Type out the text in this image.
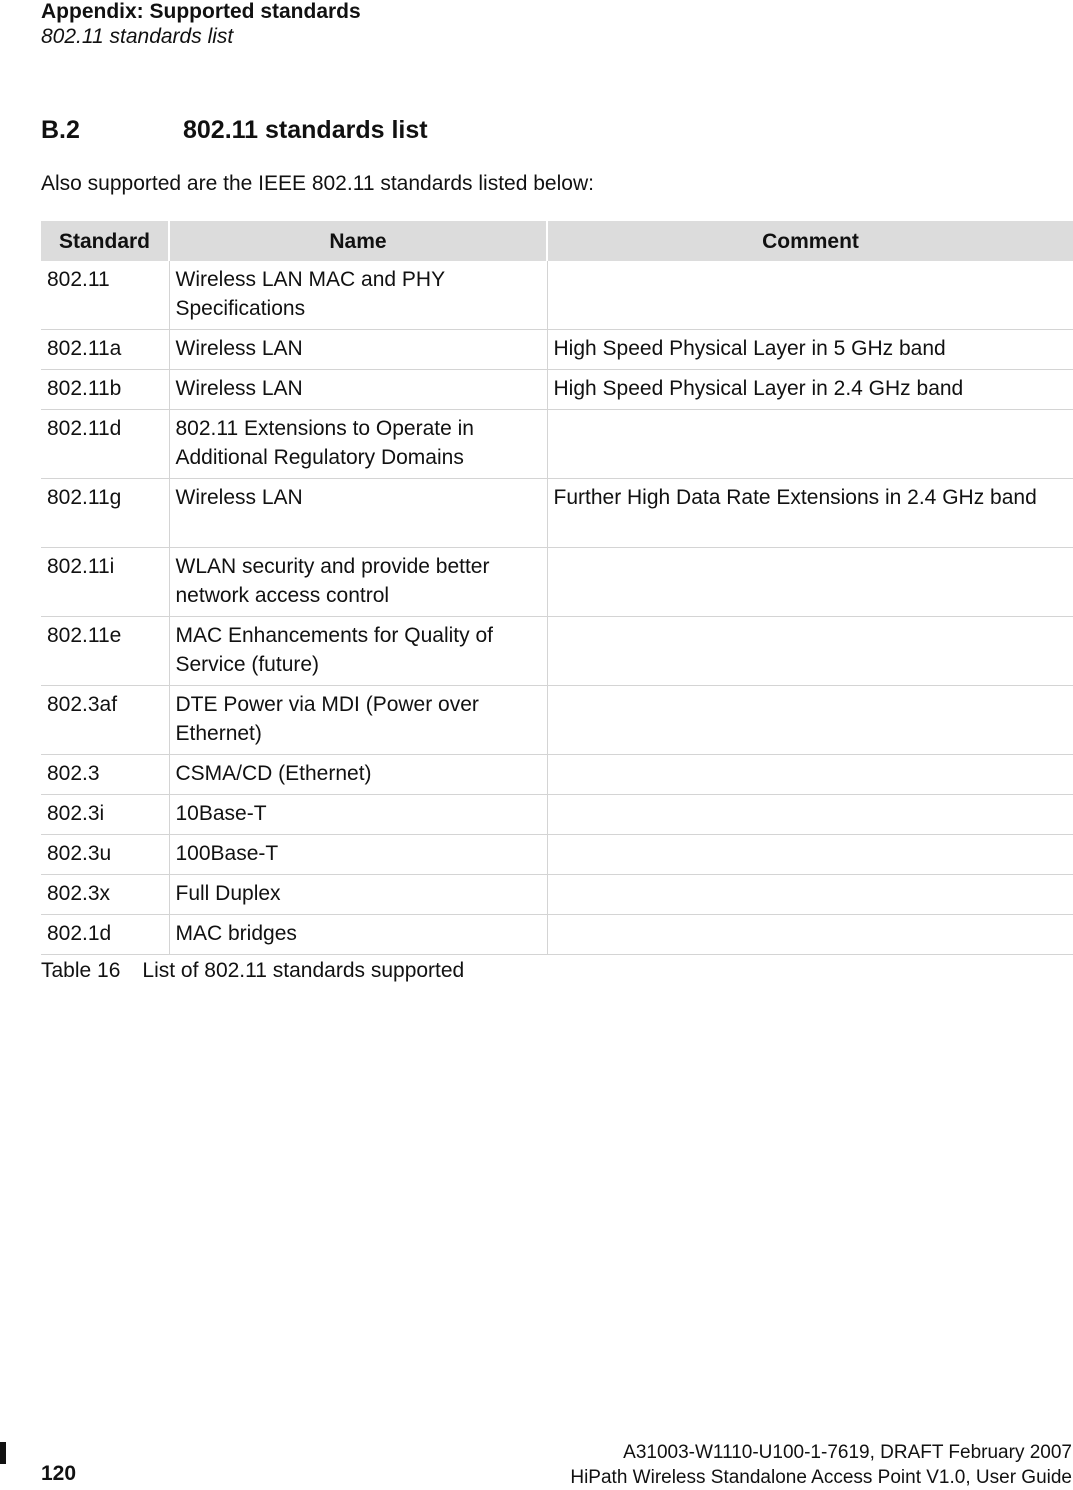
Appendix: Supported standards
802.11 standards list
B.2	802.11 standards list
Also supported are the IEEE 802.11 standards listed below:
Standard	Name	Comment
802.11	Wireless LAN MAC and PHY Specifications	
802.11a	Wireless LAN	High Speed Physical Layer in 5 GHz band
802.11b	Wireless LAN	High Speed Physical Layer in 2.4 GHz band
802.11d	802.11 Extensions to Operate in Additional Regulatory Domains	
802.11g	Wireless LAN	Further High Data Rate Extensions in 2.4 GHz band
802.11i	WLAN security and provide better network access control	
802.11e	MAC Enhancements for Quality of Service (future)	
802.3af	DTE Power via MDI (Power over Ethernet)	
802.3	CSMA/CD (Ethernet)	
802.3i	10Base-T	
802.3u	100Base-T	
802.3x	Full Duplex	
802.1d	MAC bridges	
Table 16 List of 802.11 standards supported
120
A31003-W1110-U100-1-7619, DRAFT February 2007
HiPath Wireless Standalone Access Point V1.0, User Guide
